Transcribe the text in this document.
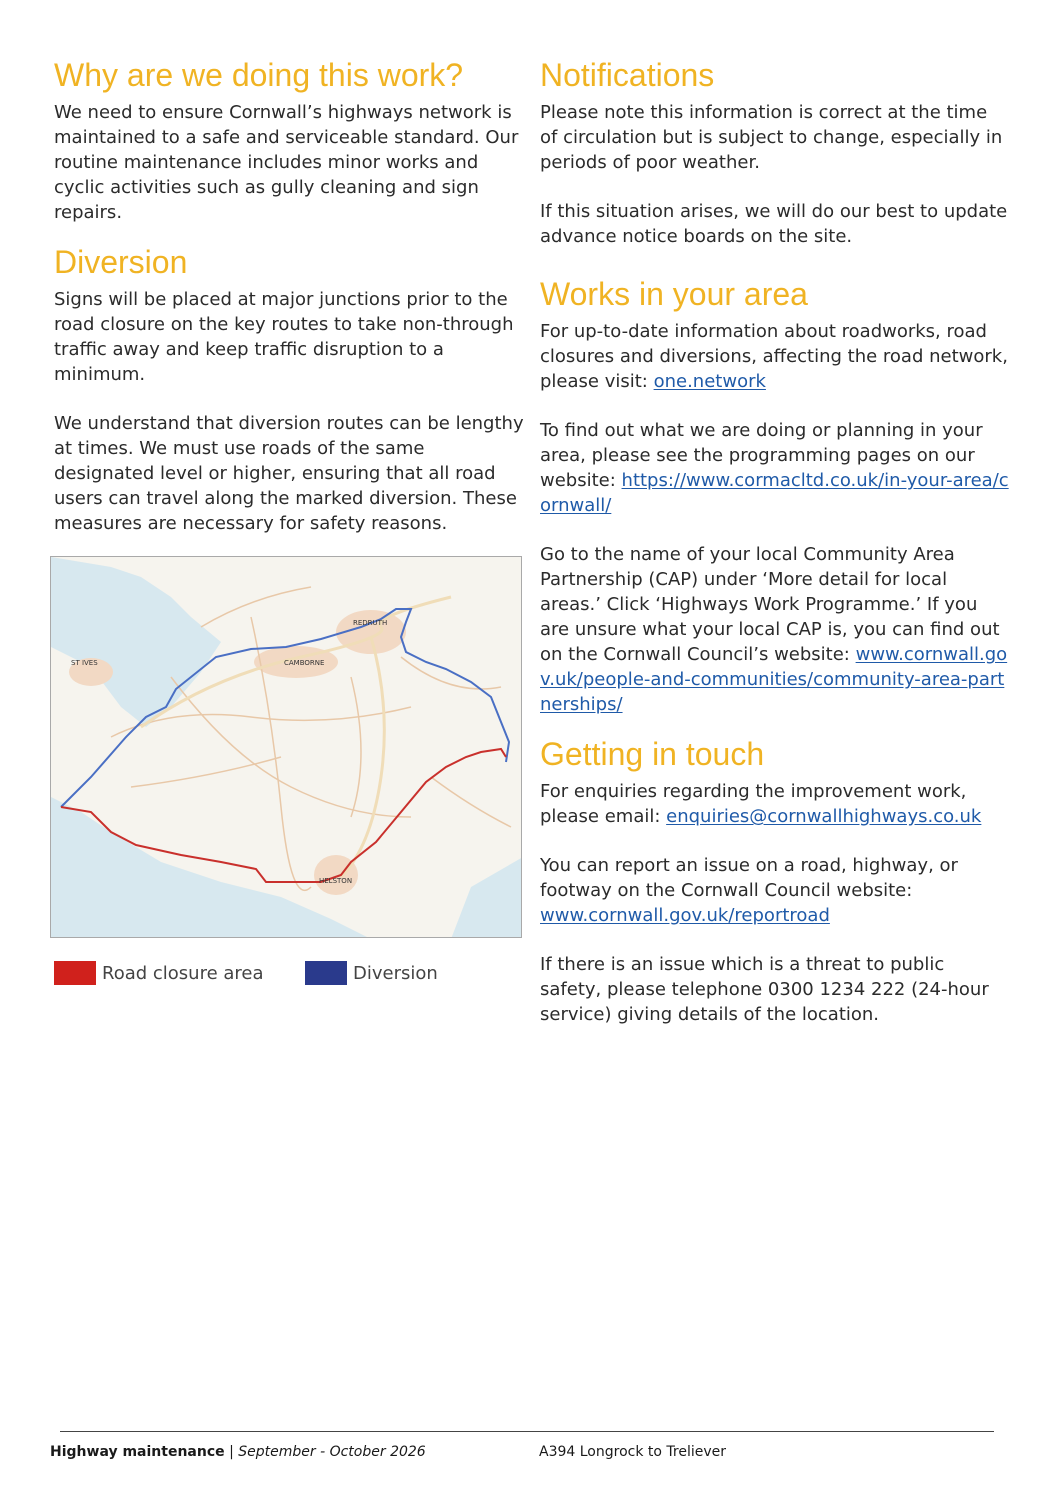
Why are we doing this work?

We need to ensure Cornwall’s highways network is maintained to a safe and serviceable standard. Our routine maintenance includes minor works and cyclic activities such as gully cleaning and sign repairs.

Diversion

Signs will be placed at major junctions prior to the road closure on the key routes to take non-through traffic away and keep traffic disruption to a minimum.

We understand that diversion routes can be lengthy at times. We must use roads of the same designated level or higher, ensuring that all road users can travel along the marked diversion. These measures are necessary for safety reasons.

ST IVES	CAMBORNE
REDRUTH
HELSTON
Road closure area	Diversion
Notifications

Please note this information is correct at the time of circulation but is subject to change, especially in periods of poor weather.

If this situation arises, we will do our best to update advance notice boards on the site.

Works in your area

For up-to-date information about roadworks, road closures and diversions, affecting the road network, please visit: one.network

To find out what we are doing or planning in your area, please see the programming pages on our website: https://www.cormacltd.co.uk/in-your-area/cornwall/

Go to the name of your local Community Area Partnership (CAP) under ‘More detail for local areas.’ Click ‘Highways Work Programme.’ If you are unsure what your local CAP is, you can find out on the Cornwall Council’s website: www.cornwall.gov.uk/people-and-communities/community-area-partnerships/

Getting in touch

For enquiries regarding the improvement work, please email: enquiries@cornwallhighways.co.uk

You can report an issue on a road, highway, or footway on the Cornwall Council website: www.cornwall.gov.uk/reportroad

If there is an issue which is a threat to public safety, please telephone 0300 1234 222 (24-hour service) giving details of the location.

Highway maintenance | September - October 2026	A394 Longrock to Treliever
